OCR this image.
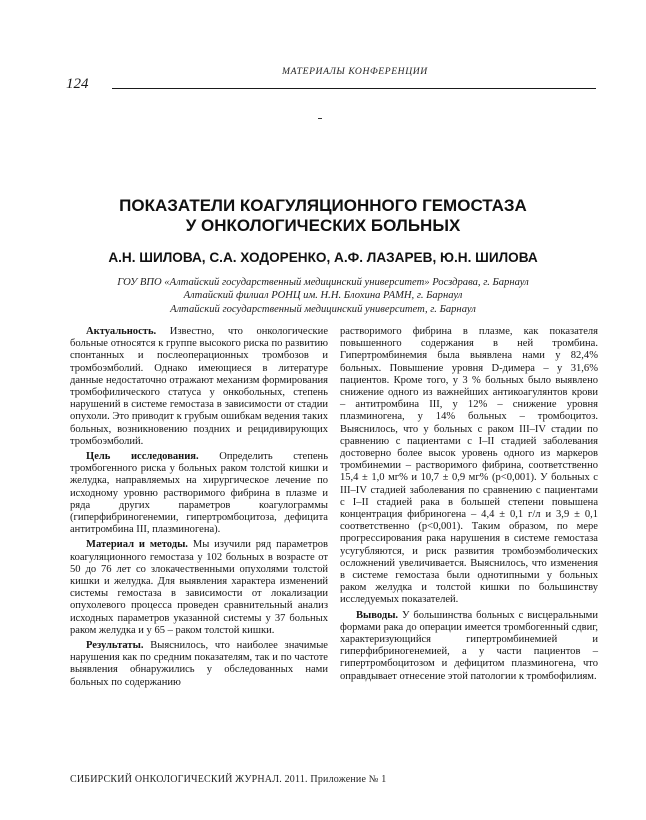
МАТЕРИАЛЫ КОНФЕРЕНЦИИ
124
ПОКАЗАТЕЛИ КОАГУЛЯЦИОННОГО ГЕМОСТАЗА
У ОНКОЛОГИЧЕСКИХ БОЛЬНЫХ
А.Н. ШИЛОВА, С.А. ХОДОРЕНКО, А.Ф. ЛАЗАРЕВ, Ю.Н. ШИЛОВА
ГОУ ВПО «Алтайский государственный медицинский университет» Росздрава, г. Барнаул
Алтайский филиал РОНЦ им. Н.Н. Блохина РАМН, г. Барнаул
Алтайский государственный медицинский университет, г. Барнаул

Актуальность. Известно, что онкологические больные относятся к группе высокого риска по развитию спонтанных и послеоперационных тромбозов и тромбоэмболий. Однако имеющиеся в литературе данные недостаточно отражают механизм формирования тромбофилического статуса у онкобольных, степень нарушений в системе гемостаза в зависимости от стадии опухоли. Это приводит к грубым ошибкам ведения таких больных, возникновению поздних и рецидивирующих тромбоэмболий.

Цель исследования. Определить степень тромбогенного риска у больных раком толстой кишки и желудка, направляемых на хирургическое лечение по исходному уровню растворимого фибрина в плазме и ряда других параметров коагулограммы (гиперфибриногенемии, гипертромбоцитоза, дефицита антитромбина III, плазминогена).

Материал и методы. Мы изучили ряд параметров коагуляционного гемостаза у 102 больных в возрасте от 50 до 76 лет со злокачественными опухолями толстой кишки и желудка. Для выявления характера изменений системы гемостаза в зависимости от локализации опухолевого процесса проведен сравнительный анализ исходных параметров указанной системы у 37 больных раком желудка и у 65 – раком толстой кишки.

Результаты. Выяснилось, что наиболее значимые нарушения как по средним показателям, так и по частоте выявления обнаружились у обследованных нами больных по содержанию

растворимого фибрина в плазме, как показателя повышенного содержания в ней тромбина. Гипертромбинемия была выявлена нами у 82,4% больных. Повышение уровня D-димера – у 31,6% пациентов. Кроме того, у 3 % больных было выявлено снижение одного из важнейших антикоагулянтов крови – антитромбина III, у 12% – снижение уровня плазминогена, у 14% больных – тромбоцитоз. Выяснилось, что у больных с раком III–IV стадии по сравнению с пациентами с I–II стадией заболевания достоверно более высок уровень одного из маркеров тромбинемии – растворимого фибрина, соответственно 15,4 ± 1,0 мг% и 10,7 ± 0,9 мг% (p<0,001). У больных с III–IV стадией заболевания по сравнению с пациентами с I–II стадией рака в большей степени повышена концентрация фибриногена – 4,4 ± 0,1 г/л и 3,9 ± 0,1 соответственно (p<0,001). Таким образом, по мере прогрессирования рака нарушения в системе гемостаза усугубляются, и риск развития тромбоэмболических осложнений увеличивается. Выяснилось, что изменения в системе гемостаза были однотипными у больных раком желудка и толстой кишки по большинству исследуемых показателей.

Выводы. У большинства больных с висцеральными формами рака до операции имеется тромбогенный сдвиг, характеризующийся гипертромбинемией и гиперфибриногенемией, а у части пациентов – гипертромбоцитозом и дефицитом плазминогена, что оправдывает отнесение этой патологии к тромбофилиям.

СИБИРСКИЙ ОНКОЛОГИЧЕСКИЙ ЖУРНАЛ. 2011. Приложение № 1
